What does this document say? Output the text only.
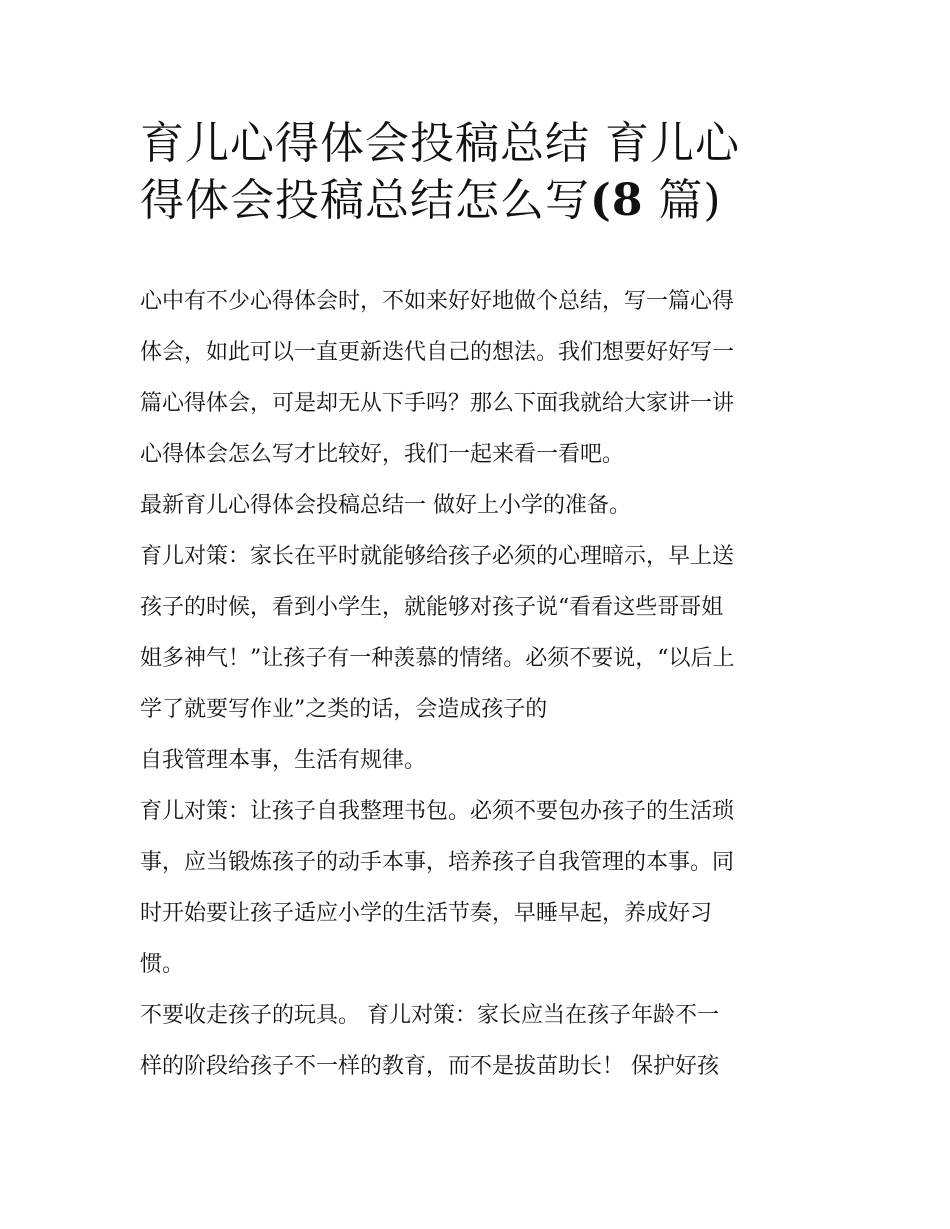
育儿心得体会投稿总结 育儿心
得体会投稿总结怎么写(8 篇)

心中有不少心得体会时，不如来好好地做个总结，写一篇心得
体会，如此可以一直更新迭代自己的想法。我们想要好好写一
篇心得体会，可是却无从下手吗？那么下面我就给大家讲一讲
心得体会怎么写才比较好，我们一起来看一看吧。

最新育儿心得体会投稿总结一 做好上小学的准备。

育儿对策：家长在平时就能够给孩子必须的心理暗示，早上送
孩子的时候，看到小学生，就能够对孩子说“看看这些哥哥姐
姐多神气！”让孩子有一种羡慕的情绪。必须不要说，“以后上
学了就要写作业”之类的话，会造成孩子的

自我管理本事，生活有规律。

育儿对策：让孩子自我整理书包。必须不要包办孩子的生活琐
事，应当锻炼孩子的动手本事，培养孩子自我管理的本事。同
时开始要让孩子适应小学的生活节奏，早睡早起，养成好习
惯。

不要收走孩子的玩具。 育儿对策：家长应当在孩子年龄不一
样的阶段给孩子不一样的教育，而不是拔苗助长！ 保护好孩
